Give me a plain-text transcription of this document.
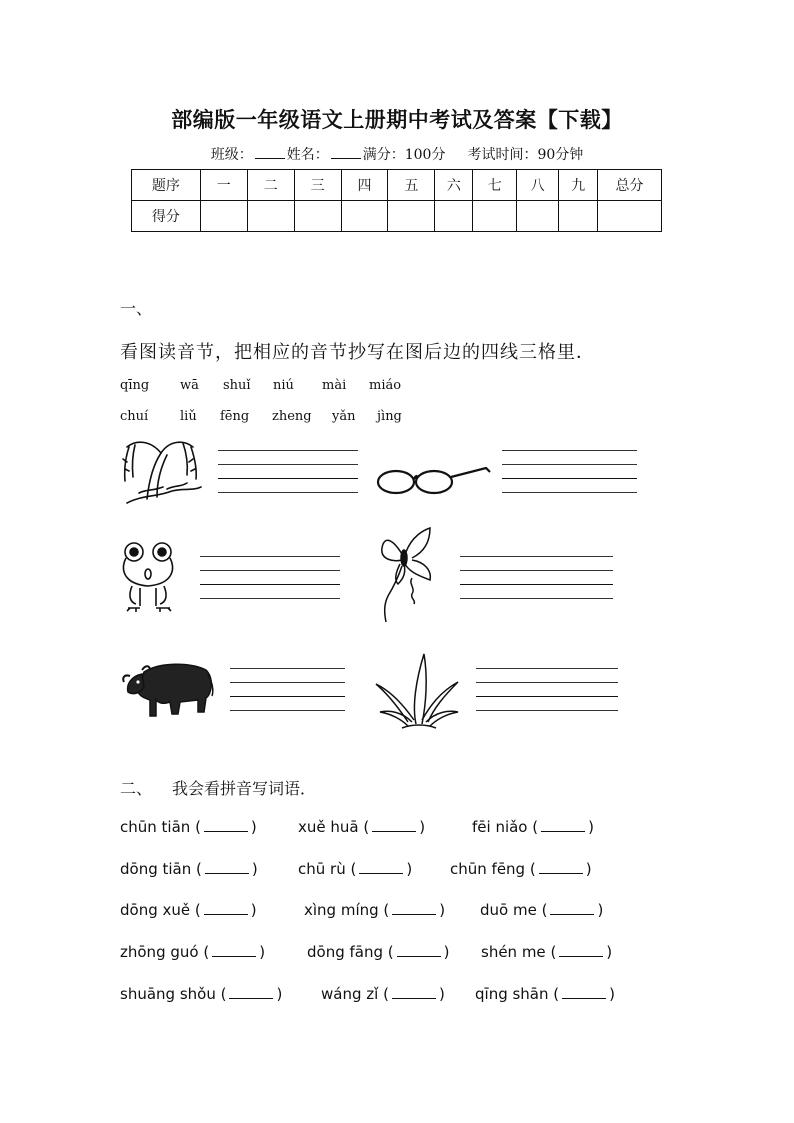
部编版一年级语文上册期中考试及答案【下载】
班级： 姓名： 满分：100分 考试时间：90分钟
题序	一	二	三	四	五	六	七	八	九	总分
得分										
一、
看图读音节，把相应的音节抄写在图后边的四线三格里．
qīng wā shuǐ niú mài miáo
chuí liǔ fēng zheng yǎn jìng
二、 我会看拼音写词语．
chūn tiān (	)	xuě huā (	)	fēi niǎo (	)
dōng tiān (	)	chū rù (	)	chūn fēng (	)
dōng xuě (	)	xìng míng (	) duō me (	)
zhōng guó (	)	dōng fāng (	) shén me (	)
shuāng shǒu (	)	wáng zǐ (	) qīng shān (	)
